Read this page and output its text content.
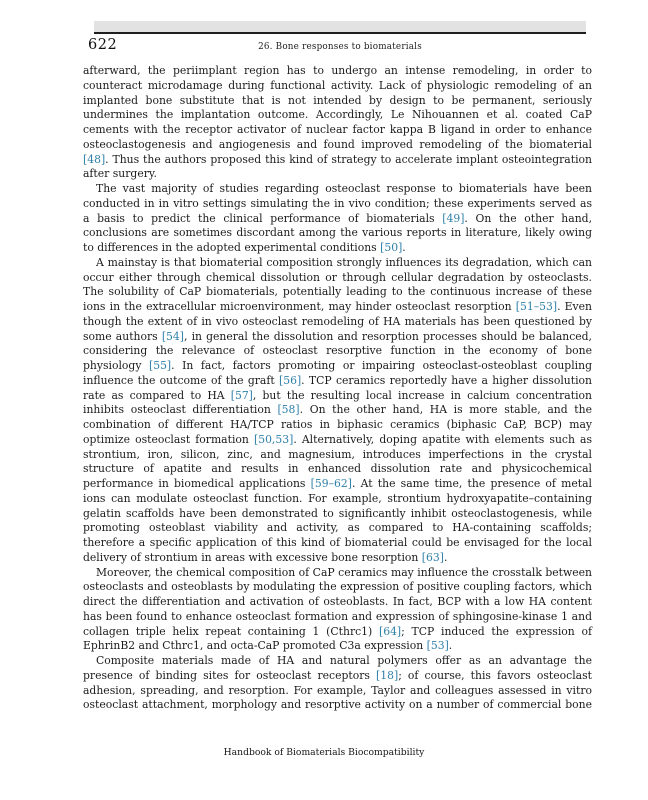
622	26. Bone responses to biomaterials

afterward, the periimplant region has to undergo an intense remodeling, in order to counteract microdamage during functional activity. Lack of physiologic remodeling of an implanted bone substitute that is not intended by design to be permanent, seriously undermines the implantation outcome. Accordingly, Le Nihouannen et al. coated CaP cements with the receptor activator of nuclear factor kappa B ligand in order to enhance osteoclastogenesis and angiogenesis and found improved remodeling of the biomaterial [48]. Thus the authors proposed this kind of strategy to accelerate implant osteointegration after surgery.

The vast majority of studies regarding osteoclast response to biomaterials have been conducted in in vitro settings simulating the in vivo condition; these experiments served as a basis to predict the clinical performance of biomaterials [49]. On the other hand, conclusions are sometimes discordant among the various reports in literature, likely owing to differences in the adopted experimental conditions [50].

A mainstay is that biomaterial composition strongly influences its degradation, which can occur either through chemical dissolution or through cellular degradation by osteoclasts. The solubility of CaP biomaterials, potentially leading to the continuous increase of these ions in the extracellular microenvironment, may hinder osteoclast resorption [51–53]. Even though the extent of in vivo osteoclast remodeling of HA materials has been questioned by some authors [54], in general the dissolution and resorption processes should be balanced, considering the relevance of osteoclast resorptive function in the economy of bone physiology [55]. In fact, factors promoting or impairing osteoclast-osteoblast coupling influence the outcome of the graft [56]. TCP ceramics reportedly have a higher dissolution rate as compared to HA [57], but the resulting local increase in calcium concentration inhibits osteoclast differentiation [58]. On the other hand, HA is more stable, and the combination of different HA/TCP ratios in biphasic ceramics (biphasic CaP, BCP) may optimize osteoclast formation [50,53]. Alternatively, doping apatite with elements such as strontium, iron, silicon, zinc, and magnesium, introduces imperfections in the crystal structure of apatite and results in enhanced dissolution rate and physicochemical performance in biomedical applications [59–62]. At the same time, the presence of metal ions can modulate osteoclast function. For example, strontium hydroxyapatite–containing gelatin scaffolds have been demonstrated to significantly inhibit osteoclastogenesis, while promoting osteoblast viability and activity, as compared to HA-containing scaffolds; therefore a specific application of this kind of biomaterial could be envisaged for the local delivery of strontium in areas with excessive bone resorption [63].

Moreover, the chemical composition of CaP ceramics may influence the crosstalk between osteoclasts and osteoblasts by modulating the expression of positive coupling factors, which direct the differentiation and activation of osteoblasts. In fact, BCP with a low HA content has been found to enhance osteoclast formation and expression of sphingosine-kinase 1 and collagen triple helix repeat containing 1 (Cthrc1) [64]; TCP induced the expression of EphrinB2 and Cthrc1, and octa-CaP promoted C3a expression [53].

Composite materials made of HA and natural polymers offer as an advantage the presence of binding sites for osteoclast receptors [18]; of course, this favors osteoclast adhesion, spreading, and resorption. For example, Taylor and colleagues assessed in vitro osteoclast attachment, morphology and resorptive activity on a number of commercial bone

Handbook of Biomaterials Biocompatibility
